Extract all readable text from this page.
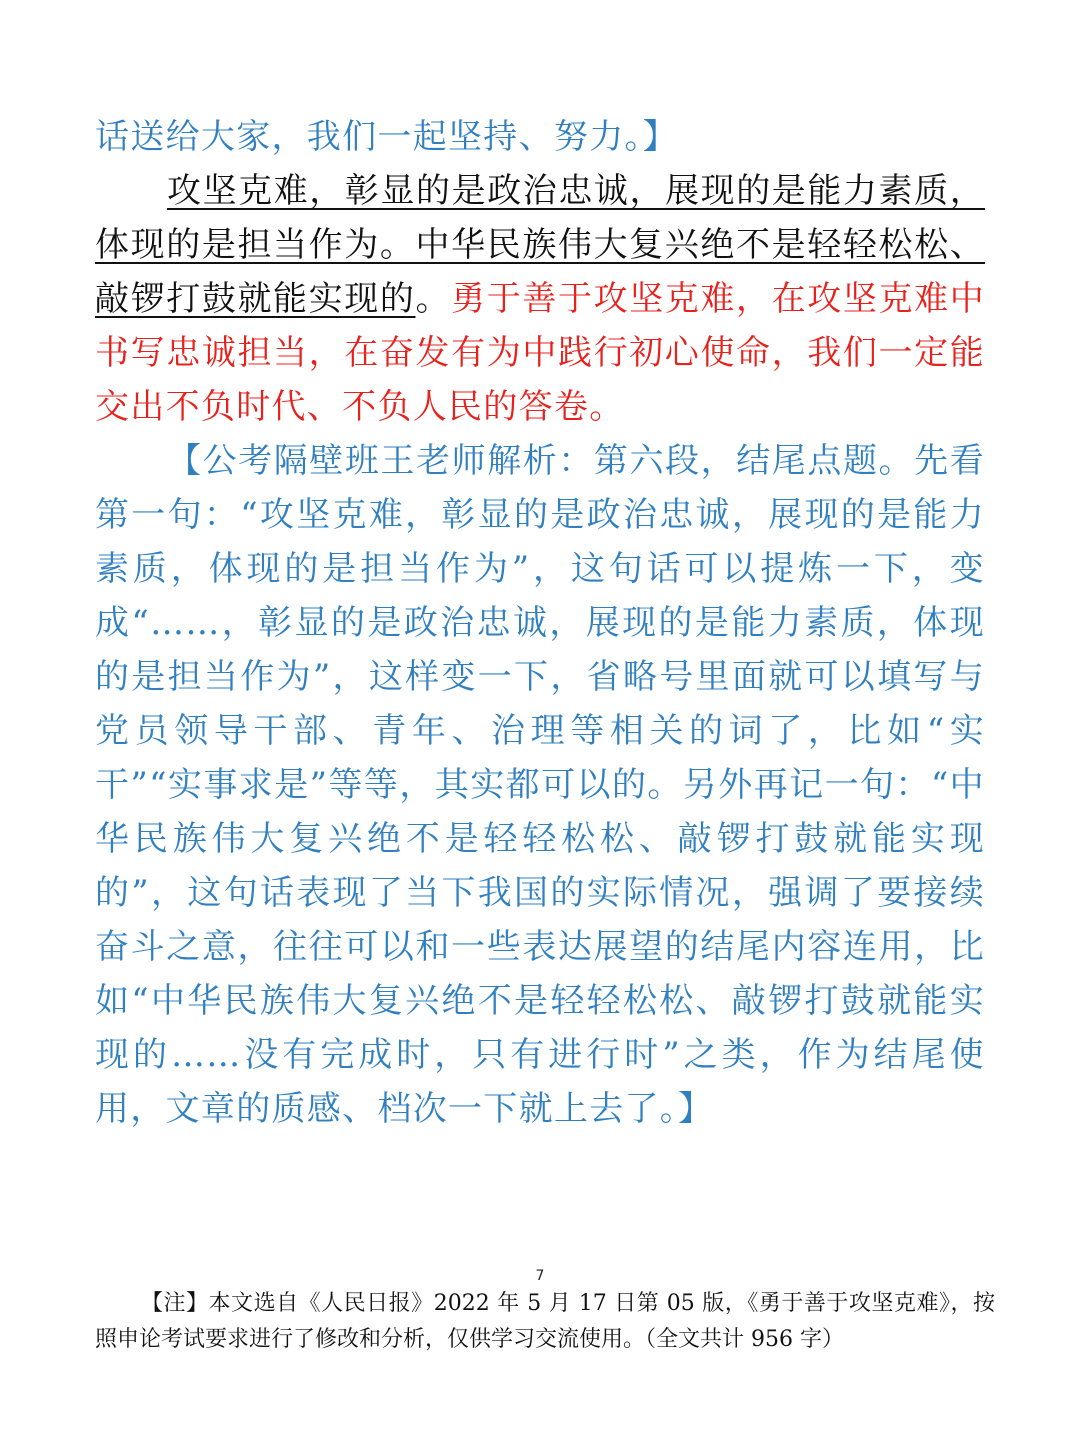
话送给大家，我们一起坚持、努力。】

攻坚克难，彰显的是政治忠诚，展现的是能力素质，体现的是担当作为。中华民族伟大复兴绝不是轻轻松松、敲锣打鼓就能实现的。勇于善于攻坚克难，在攻坚克难中书写忠诚担当，在奋发有为中践行初心使命，我们一定能交出不负时代、不负人民的答卷。

【公考隔壁班王老师解析：第六段，结尾点题。先看第一句：“攻坚克难，彰显的是政治忠诚，展现的是能力素质，体现的是担当作为”，这句话可以提炼一下，变成“……，彰显的是政治忠诚，展现的是能力素质，体现的是担当作为”，这样变一下，省略号里面就可以填写与党员领导干部、青年、治理等相关的词了，比如“实干”“实事求是”等等，其实都可以的。另外再记一句：“中华民族伟大复兴绝不是轻轻松松、敲锣打鼓就能实现的”，这句话表现了当下我国的实际情况，强调了要接续奋斗之意，往往可以和一些表达展望的结尾内容连用，比如“中华民族伟大复兴绝不是轻轻松松、敲锣打鼓就能实现的……没有完成时，只有进行时”之类，作为结尾使用，文章的质感、档次一下就上去了。】

7

【注】本文选自《人民日报》2022 年 5 月 17 日第 05 版，《勇于善于攻坚克难》，按照申论考试要求进行了修改和分析，仅供学习交流使用。（全文共计 956 字）
